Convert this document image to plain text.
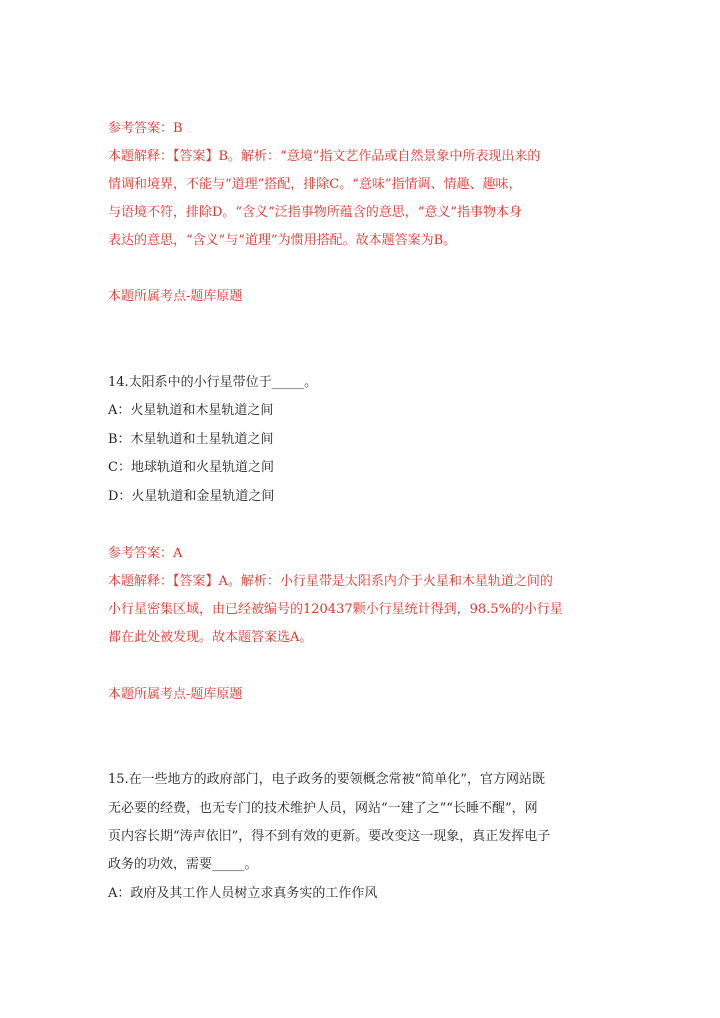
参考答案：B
本题解释：【答案】B。解析：“意境”指文艺作品或自然景象中所表现出来的
情调和境界，不能与“道理”搭配，排除C。“意味”指情调、情趣、趣味，
与语境不符，排除D。“含义”泛指事物所蕴含的意思，“意义”指事物本身
表达的意思，“含义”与“道理”为惯用搭配。故本题答案为B。
本题所属考点-题库原题
14.太阳系中的小行星带位于_____。
A：火星轨道和木星轨道之间
B：木星轨道和土星轨道之间
C：地球轨道和火星轨道之间
D：火星轨道和金星轨道之间
参考答案：A
本题解释：【答案】A。解析：小行星带是太阳系内介于火星和木星轨道之间的
小行星密集区域，由已经被编号的120437颗小行星统计得到，98.5%的小行星
都在此处被发现。故本题答案选A。
本题所属考点-题库原题
15.在一些地方的政府部门，电子政务的要领概念常被“简单化”，官方网站既
无必要的经费，也无专门的技术维护人员，网站“一建了之”“长睡不醒”，网
页内容长期“涛声依旧”，得不到有效的更新。要改变这一现象，真正发挥电子
政务的功效，需要_____。
A：政府及其工作人员树立求真务实的工作作风
